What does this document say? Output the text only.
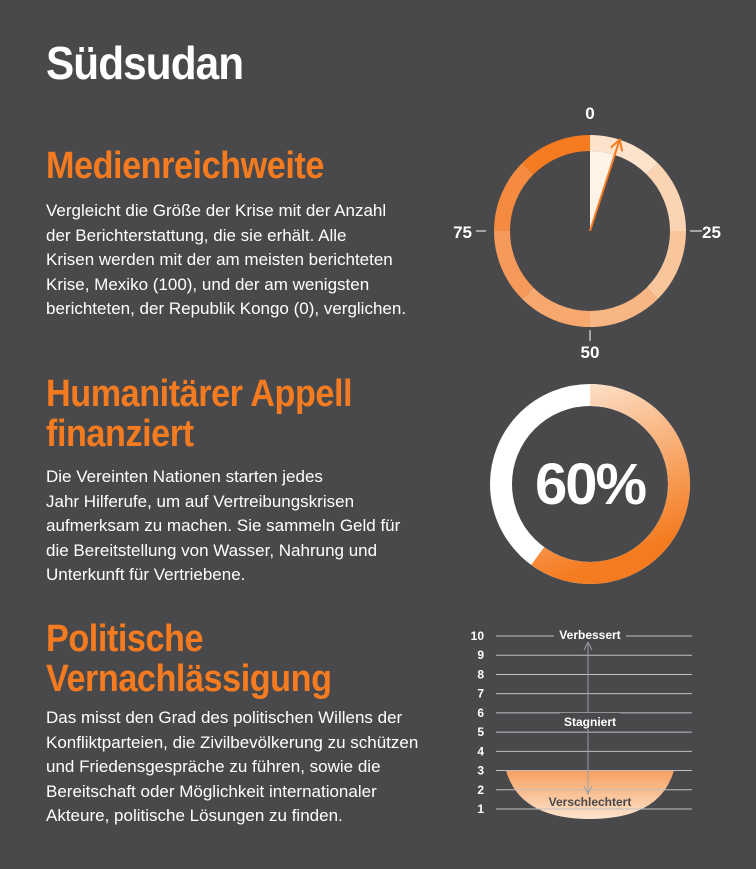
Südsudan
Medienreichweite
Vergleicht die Größe der Krise mit der Anzahl
der Berichterstattung, die sie erhält. Alle
Krisen werden mit der am meisten berichteten
Krise, Mexiko (100), und der am wenigsten
berichteten, der Republik Kongo (0), verglichen.
0
25
50
75
Humanitärer Appell
finanziert
Die Vereinten Nationen starten jedes
Jahr Hilferufe, um auf Vertreibungskrisen
aufmerksam zu machen. Sie sammeln Geld für
die Bereitstellung von Wasser, Nahrung und
Unterkunft für Vertriebene.
60%
Politische
Vernachlässigung
Das misst den Grad des politischen Willens der
Konfliktparteien, die Zivilbevölkerung zu schützen
und Friedensgespräche zu führen, sowie die
Bereitschaft oder Möglichkeit internationaler
Akteure, politische Lösungen zu finden.	1
2
3
4
5
6
7
8
9
10	Verbessert
Stagniert
Verschlechtert
